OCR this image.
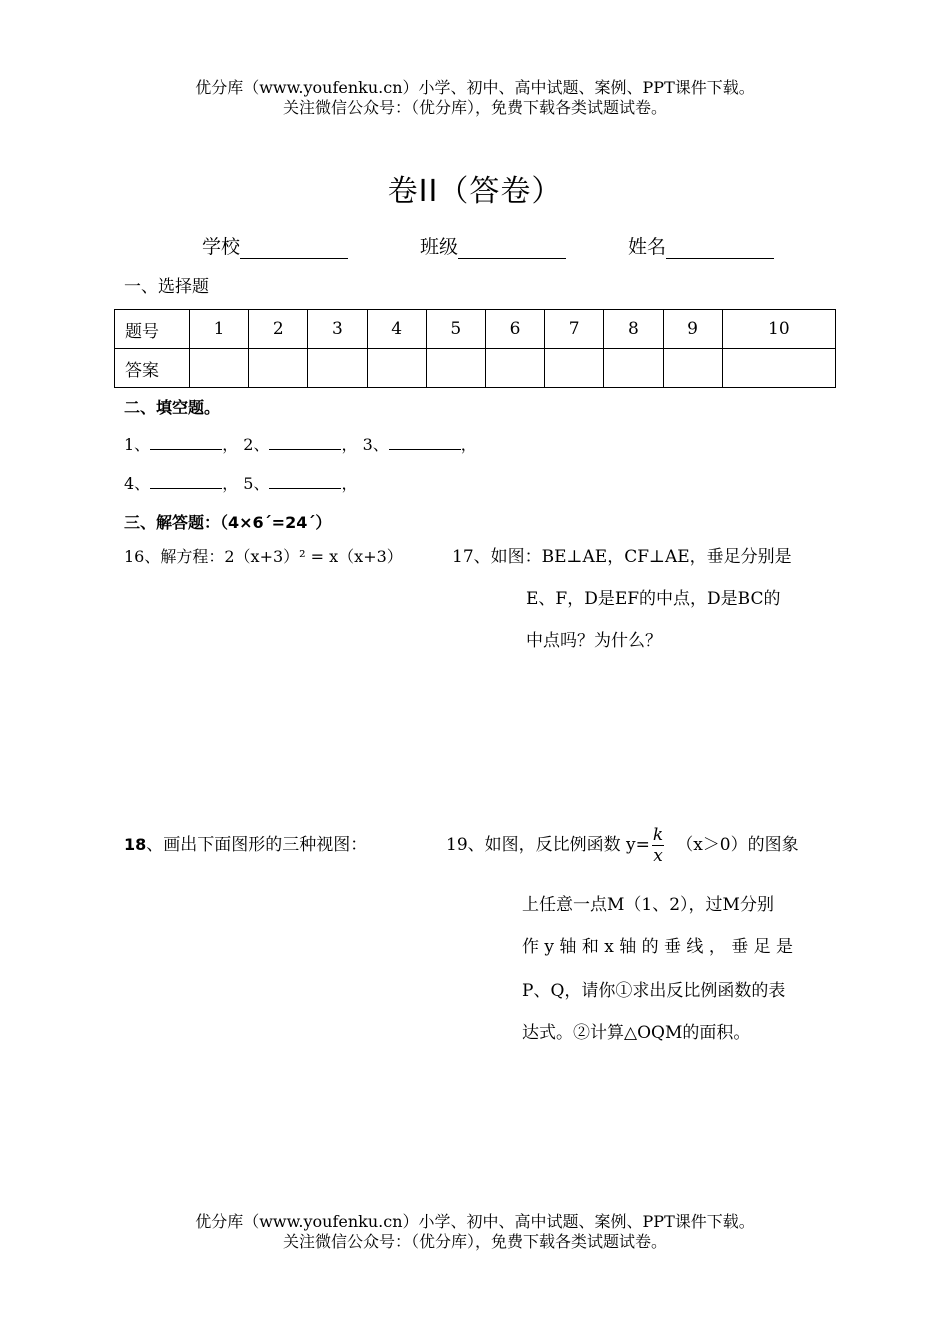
优分库（www.youfenku.cn）小学、初中、高中试题、案例、PPT课件下载。
关注微信公众号：（优分库），免费下载各类试题试卷。
卷II（答卷）
学校	班级	姓名
一、选择题
题号	1	2	3	4	5	6	7	8	9	10
答案										
二、填空题。
1、	， 2、	， 3、	，
4、	， 5、	，
三、解答题：（4×6´=24´）
16、解方程：2（x+3）² = x（x+3）	17、如图：BE⊥AE，CF⊥AE，垂足分别是
E、F，D是EF的中点，D是BC的
中点吗？为什么？
18、画出下面图形的三种视图：	19、如图，反比例函数 $y= \frac{k}{x} (x>0)$的图象
上任意一点M（1、2），过M分别
作 y 轴 和 x 轴 的 垂 线 ， 垂 足 是
P、Q，请你①求出反比例函数的表
达式。②计算△OQM的面积。
优分库（www.youfenku.cn）小学、初中、高中试题、案例、PPT课件下载。
关注微信公众号：（优分库），免费下载各类试题试卷。
